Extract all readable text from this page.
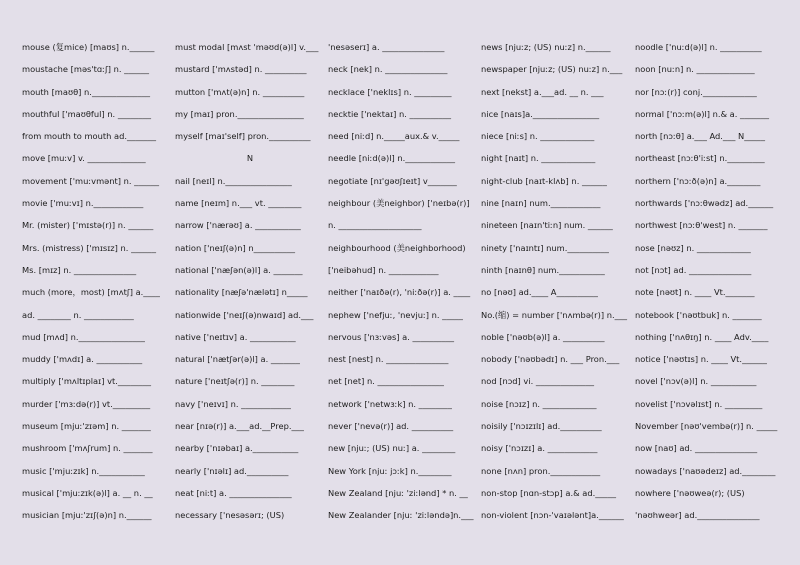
mouse (复mice) [maʊs] n.______
moustache [məs'tɑːʃ] n. ______
mouth [maʊθ] n.______________
mouthful ['maʊθful] n. ________
from mouth to mouth ad._______
move [muːv] v. ______________
movement ['muːvmənt] n. ______
movie ['muːvɪ] n.____________
Mr. (mister) ['mɪstə(r)] n. ______
Mrs. (mistress) ['mɪsɪz] n. ______
Ms. [mɪz] n. _______________
much (more，most) [mʌtʃ] a.____
ad. ________ n. ____________
mud [mʌd] n.________________
muddy ['mʌdɪ] a. ___________
multiply ['mʌltɪplaɪ] vt.________
murder ['mɜːdə(r)] vt._________
museum [mjuː'zɪəm] n. _______
mushroom ['mʌʃrum] n. _______
music ['mjuːzɪk] n.___________
musical ['mjuːzɪk(ə)l] a. __ n. __
musician [mjuː'zɪʃ(ə)n] n.______
must modal [mʌst 'məʊd(ə)l] v.___
mustard ['mʌstəd] n. __________
mutton ['mʌt(ə)n] n. __________
my [maɪ] pron.________________
myself [maɪ'self] pron.__________
N
nail [neɪl] n.________________
name [neɪm] n.___ vt. ________
narrow ['nærəʊ] a. ___________
nation ['neɪʃ(ə)n] n__________
national ['næʃən(ə)l] a. _______
nationality [næʃə'nælətɪ] n_____
nationwide ['neɪʃ(ə)nwaɪd] ad.___
native ['neɪtɪv] a. ___________
natural ['nætʃər(ə)l] a. _______
nature ['neɪtʃə(r)] n. ________
navy ['neɪvɪ] n. ____________
near [nɪə(r)] a.___ad.__Prep.___
nearby ['nɪəbaɪ] a.___________
nearly ['nɪəlɪ] ad.__________
neat [niːt] a. _______________
necessary ['nesəsərɪ; (US)
'nesəserɪ] a. _______________
neck [nek] n. _______________
necklace ['neklɪs] n. _________
necktie ['nektaɪ] n. __________
need [niːd] n._____aux.& v._____
needle [niːd(ə)l] n.____________
negotiate [nɪ'gəʊʃɪeɪt] v_______
neighbour (美neighbor) ['neɪbə(r)]
n. ____________________
neighbourhood (美neighborhood)
['neibəhud] n. ____________
neither ['naɪðə(r), 'niːðə(r)] a. ____
nephew ['nefjuː, 'nevjuː] n. _____
nervous ['nɜːvəs] a. __________
nest [nest] n. _______________
net [net] n. ________________
network ['netwɜːk] n. ________
never ['nevə(r)] ad. __________
new [njuː; (US) nuː] a. ________
New York [njuː jɔːk] n.________
New Zealand [njuː 'ziːlənd] * n. __
New Zealander [njuː 'ziːləndə]n.___
news [njuːz; (US) nuːz] n.______
newspaper [njuːz; (US) nuːz] n.___
next [nekst] a.___ad. __ n. ___
nice [naɪs]a.________________
niece [niːs] n. _____________
night [naɪt] n. _____________
night-club [naɪt-klʌb] n. ______
nine [naɪn] num.____________
nineteen [naɪn'tiːn] num. ______
ninety ['naɪntɪ] num.__________
ninth [naɪnθ] num.___________
no [nəʊ] ad.____ A__________
No.(缩) = number ['nʌmbə(r)] n.___
noble ['nəʊb(ə)l] a. __________
nobody ['nəʊbədɪ] n. ___ Pron.___
nod [nɔd] vi. ______________
noise [nɔɪz] n. _____________
noisily ['nɔɪzɪlɪ] ad.__________
noisy ['nɔɪzɪ] a. ____________
none [nʌn] pron.____________
non-stop [nɑn-stɔp] a.& ad._____
non-violent [nɔn-'vaɪələnt]a.______
noodle ['nuːd(ə)l] n. __________
noon [nuːn] n. ______________
nor [nɔː(r)] conj._____________
normal ['nɔːm(ə)l] n.& a. _______
north [nɔːθ] a.___ Ad.___ N_____
northeast [nɔːθ'iːst] n._________
northern ['nɔːð(ə)n] a.________
northwards ['nɔːθwədz] ad.______
northwest [nɔːθ'west] n. _______
nose [nəʊz] n. _____________
not [nɔt] ad. _______________
note [nəʊt] n. ____ Vt._______
notebook ['nəʊtbuk] n. _______
nothing ['nʌθɪŋ] n. ____ Adv.____
notice ['nəʊtɪs] n. ____ Vt.______
novel ['nɔv(ə)l] n. ___________
novelist ['nɔvəlɪst] n. _________
November [nəʊ'vembə(r)] n. _____
now [naʊ] ad. _______________
nowadays ['naʊədeɪz] ad.________
nowhere ['nəʊweə(r); (US)
'nəʊhweər] ad._______________
